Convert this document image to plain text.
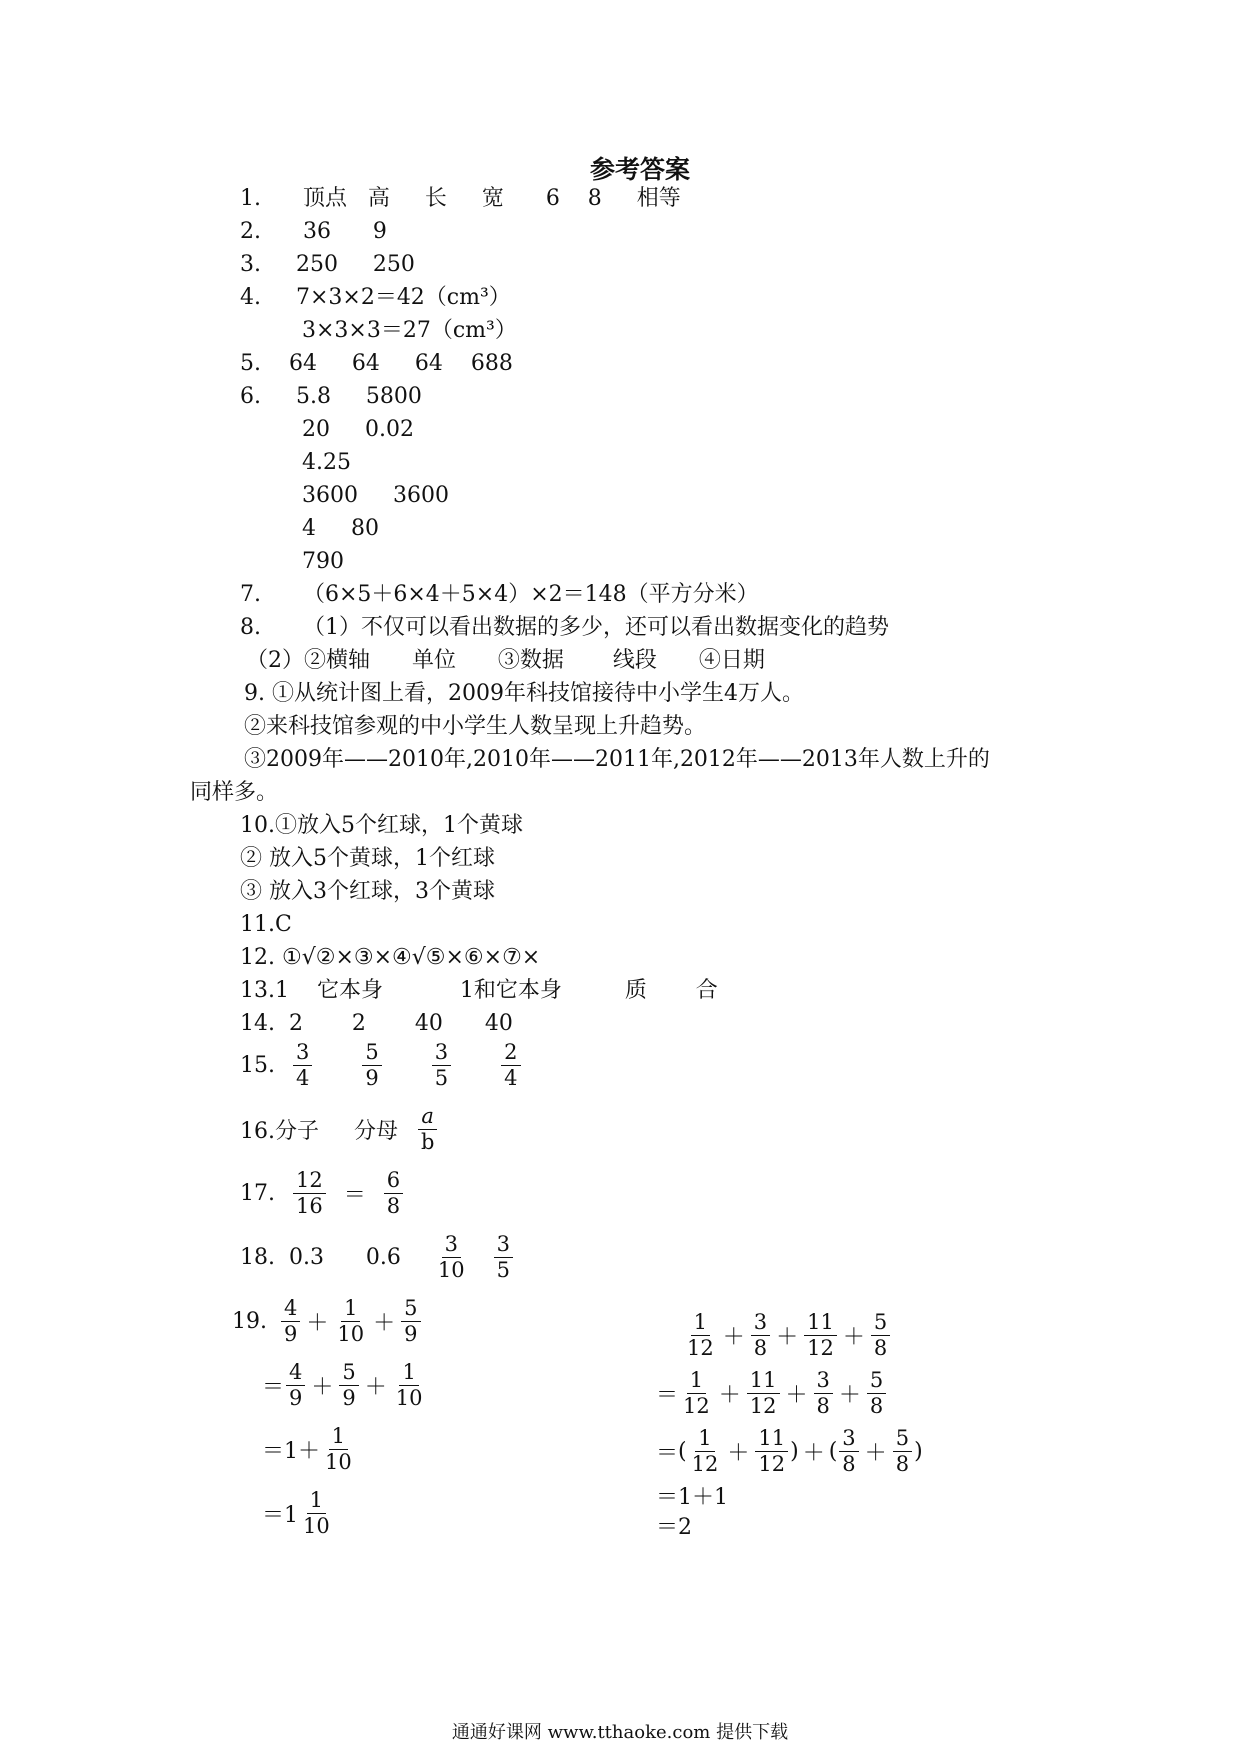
参考答案
1.      顶点   高     长     宽      6    8     相等
2.      36      9
3.     250     250
4.     7×3×2＝42（cm³）
3×3×3＝27（cm³）
5.    64     64     64    688
6.     5.8     5800
20     0.02
4.25
3600     3600
4     80
790
7.      （6×5＋6×4＋5×4）×2＝148（平方分米）
8.      （1）不仅可以看出数据的多少，还可以看出数据变化的趋势
（2）②横轴      单位      ③数据       线段      ④日期
9. ①从统计图上看，2009年科技馆接待中小学生4万人。
②来科技馆参观的中小学生人数呈现上升趋势。
③2009年——2010年,2010年——2011年,2012年——2013年人数上升的
同样多。
10.①放入5个红球，1个黄球
② 放入5个黄球，1个红球
③ 放入3个红球，3个黄球
11.C
12. ①√②×③×④√⑤×⑥×⑦×
13.1    它本身           1和它本身         质       合
14.  2       2       40      40
15.
3
4
5
9
3
5
2
4
16.分子     分母
a
b
17.
12
16 ＝
6
8
18.  0.3      0.6
3
10
3
5
19.
4
9 ＋
1
10 ＋
5
9
＝
4
9 ＋
5
9 ＋
1
10
＝1＋
1
10
＝1
1
10
1
12 ＋
3
8 ＋
11
12 ＋
5
8
＝
1
12 ＋
11
12 ＋
3
8 ＋
5
8
＝ (
1
12 ＋
11
12 ) ＋ (
3
8 ＋
5
8 )
＝1＋1
＝2
通通好课网 www.tthaoke.com 提供下载
